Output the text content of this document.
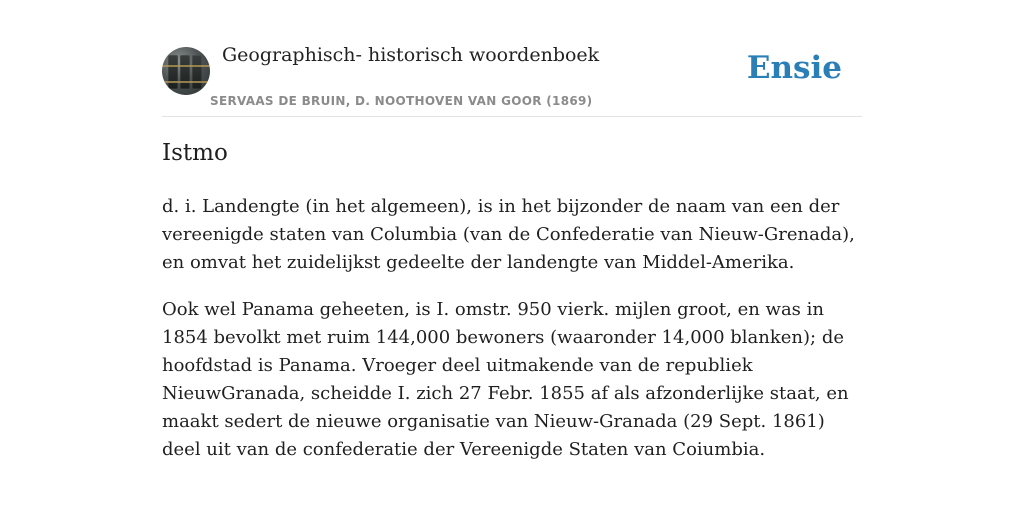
Geographisch- historisch woordenboek
SERVAAS DE BRUIN, D. NOOTHOVEN VAN GOOR (1869)
Ensie
Istmo

d. i. Landengte (in het algemeen), is in het bijzonder de naam van een der vereenigde staten van Columbia (van de Confederatie van Nieuw-Grenada), en omvat het zuidelijkst gedeelte der landengte van Middel-Amerika.

Ook wel Panama geheeten, is I. omstr. 950 vierk. mijlen groot, en was in 1854 bevolkt met ruim 144,000 bewoners (waaronder 14,000 blanken); de hoofdstad is Panama. Vroeger deel uitmakende van de republiek NieuwGranada, scheidde I. zich 27 Febr. 1855 af als afzonderlijke staat, en maakt sedert de nieuwe organisatie van Nieuw-Granada (29 Sept. 1861) deel uit van de confederatie der Vereenigde Staten van Coiumbia.
